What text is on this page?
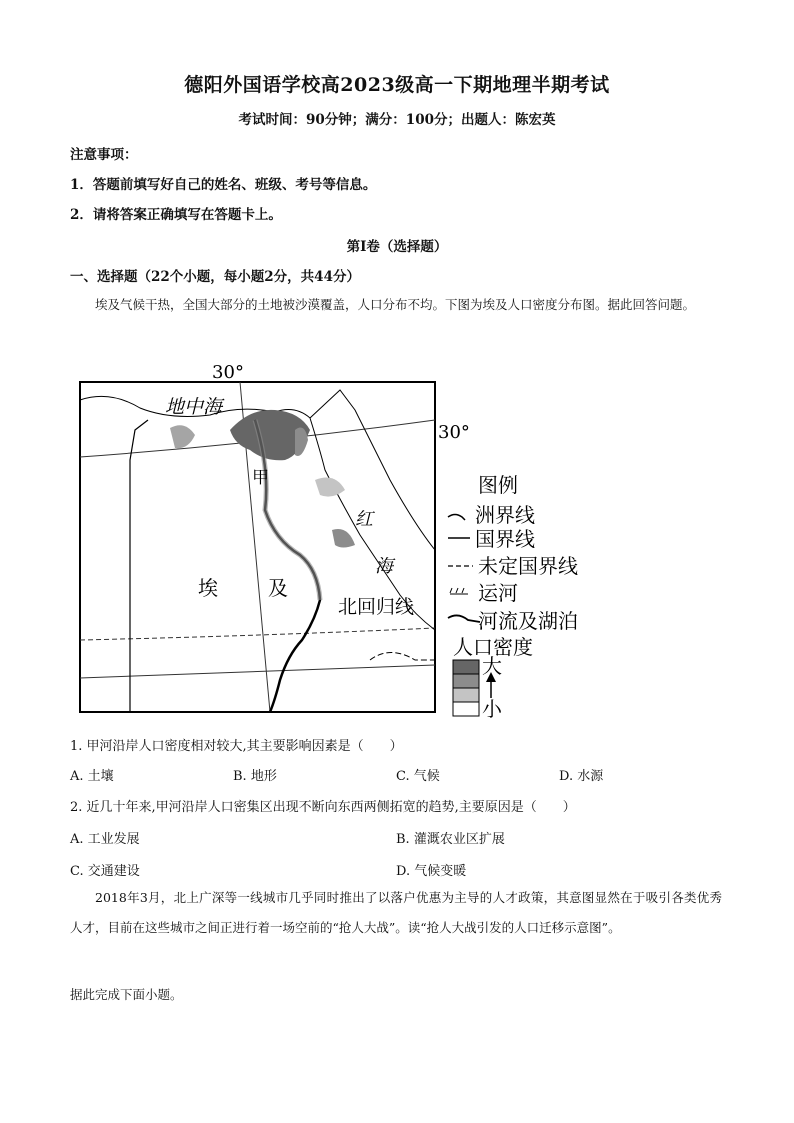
德阳外国语学校高2023级高一下期地理半期考试
考试时间：90分钟；满分：100分；出题人：陈宏英
注意事项：
1．答题前填写好自己的姓名、班级、考号等信息。
2．请将答案正确填写在答题卡上。
第Ⅰ卷（选择题）
一、选择题（22个小题，每小题2分，共44分）
埃及气候干热，全国大部分的土地被沙漠覆盖，人口分布不均。下图为埃及人口密度分布图。据此回答问题。
30°
30°
地中海
甲
红
海
埃	及
北回归线
图例
洲界线
国界线
未定国界线
运河
河流及湖泊
人口密度
大
小
1. 甲河沿岸人口密度相对较大,其主要影响因素是（　　）
A. 土壤	B. 地形	C. 气候	D. 水源
2. 近几十年来,甲河沿岸人口密集区出现不断向东西两侧拓宽的趋势,主要原因是（　　）
A. 工业发展	B. 灌溉农业区扩展
C. 交通建设	D. 气候变暖
2018年3月，北上广深等一线城市几乎同时推出了以落户优惠为主导的人才政策，其意图显然在于吸引各类优秀人才，目前在这些城市之间正进行着一场空前的“抢人大战”。读“抢人大战引发的人口迁移示意图”。
据此完成下面小题。
